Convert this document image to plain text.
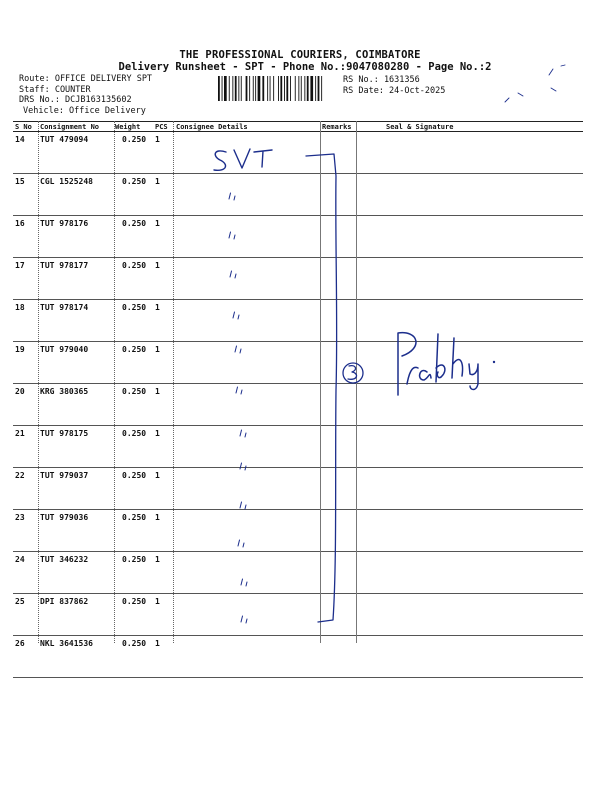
THE PROFESSIONAL COURIERS, COIMBATORE
Delivery Runsheet - SPT - Phone No.:9047080280 - Page No.:2
Route: OFFICE DELIVERY SPT
Staff: COUNTER
DRS No.: DCJB163135602
Vehicle: Office Delivery
RS No.: 1631356
RS Date: 24-Oct-2025
S No	Consignment No	Weight	PCS	Consignee Details	Remarks	Seal & Signature
14	TUT 479094	0.250	1			
15	CGL 1525248	0.250	1			
16	TUT 978176	0.250	1			
17	TUT 978177	0.250	1			
18	TUT 978174	0.250	1			
19	TUT 979040	0.250	1			
20	KRG 380365	0.250	1			
21	TUT 978175	0.250	1			
22	TUT 979037	0.250	1			
23	TUT 979036	0.250	1			
24	TUT 346232	0.250	1			
25	DPI 837862	0.250	1			
26	NKL 3641536	0.250	1			
